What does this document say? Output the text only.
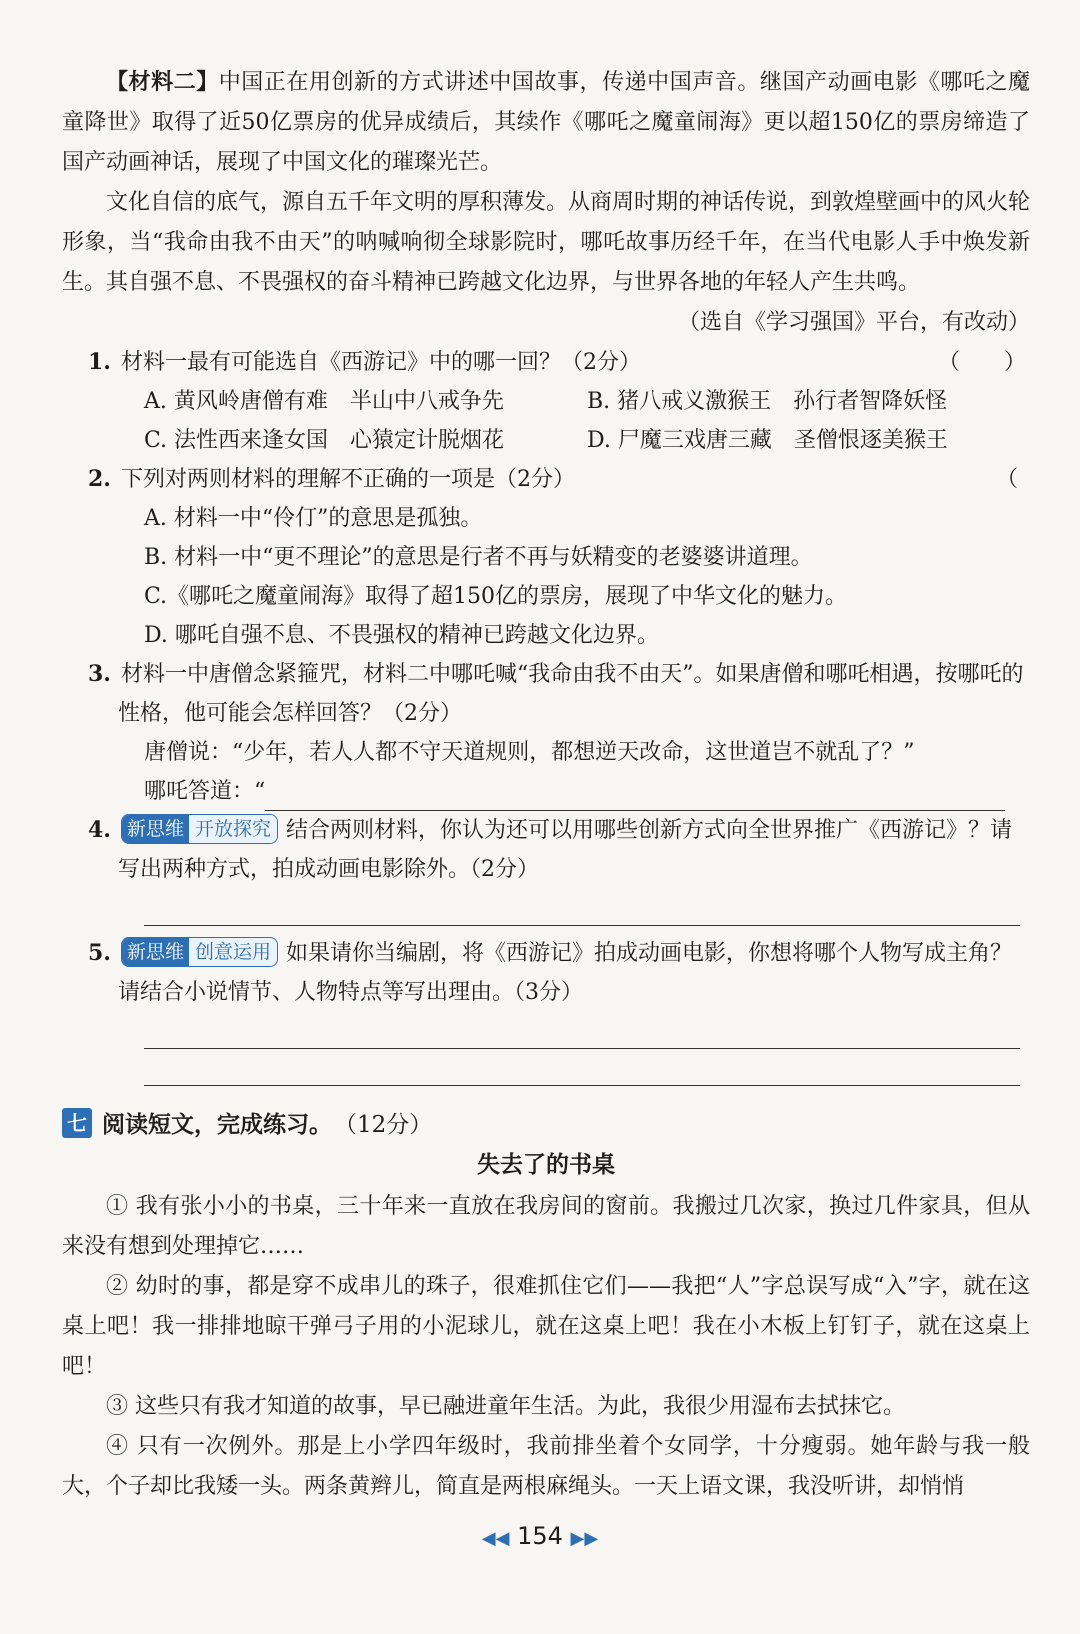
【材料二】中国正在用创新的方式讲述中国故事，传递中国声音。继国产动画电影《哪吒之魔童降世》取得了近50亿票房的优异成绩后，其续作《哪吒之魔童闹海》更以超150亿的票房缔造了国产动画神话，展现了中国文化的璀璨光芒。

文化自信的底气，源自五千年文明的厚积薄发。从商周时期的神话传说，到敦煌壁画中的风火轮形象，当“我命由我不由天”的呐喊响彻全球影院时，哪吒故事历经千年，在当代电影人手中焕发新生。其自强不息、不畏强权的奋斗精神已跨越文化边界，与世界各地的年轻人产生共鸣。

（选自《学习强国》平台，有改动）

1. 材料一最有可能选自《西游记》中的哪一回？（2分）	（　　）

A. 黄风岭唐僧有难　半山中八戒争先	B. 猪八戒义激猴王　孙行者智降妖怪
C. 法性西来逢女国　心猿定计脱烟花	D. 尸魔三戏唐三藏　圣僧恨逐美猴王

2. 下列对两则材料的理解不正确的一项是（2分）	（

A. 材料一中“伶仃”的意思是孤独。

B. 材料一中“更不理论”的意思是行者不再与妖精变的老婆婆讲道理。

C.《哪吒之魔童闹海》取得了超150亿的票房，展现了中华文化的魅力。

D. 哪吒自强不息、不畏强权的精神已跨越文化边界。

3. 材料一中唐僧念紧箍咒，材料二中哪吒喊“我命由我不由天”。如果唐僧和哪吒相遇，按哪吒的性格，他可能会怎样回答？（2分）

唐僧说：“少年，若人人都不守天道规则，都想逆天改命，这世道岂不就乱了？”

哪吒答道：“

4. 新思维 开放探究 结合两则材料，你认为还可以用哪些创新方式向全世界推广《西游记》？请写出两种方式，拍成动画电影除外。（2分）

5. 新思维 创意运用 如果请你当编剧，将《西游记》拍成动画电影，你想将哪个人物写成主角？请结合小说情节、人物特点等写出理由。（3分）

七 阅读短文，完成练习。 （12分）
失去了的书桌

① 我有张小小的书桌，三十年来一直放在我房间的窗前。我搬过几次家，换过几件家具，但从来没有想到处理掉它……

② 幼时的事，都是穿不成串儿的珠子，很难抓住它们——我把“人”字总误写成“入”字，就在这桌上吧！我一排排地晾干弹弓子用的小泥球儿，就在这桌上吧！我在小木板上钉钉子，就在这桌上吧！

③ 这些只有我才知道的故事，早已融进童年生活。为此，我很少用湿布去拭抹它。

④ 只有一次例外。那是上小学四年级时，我前排坐着个女同学，十分瘦弱。她年龄与我一般大，个子却比我矮一头。两条黄辫儿，简直是两根麻绳头。一天上语文课，我没听讲，却悄悄

◀◀ 154 ▶▶
